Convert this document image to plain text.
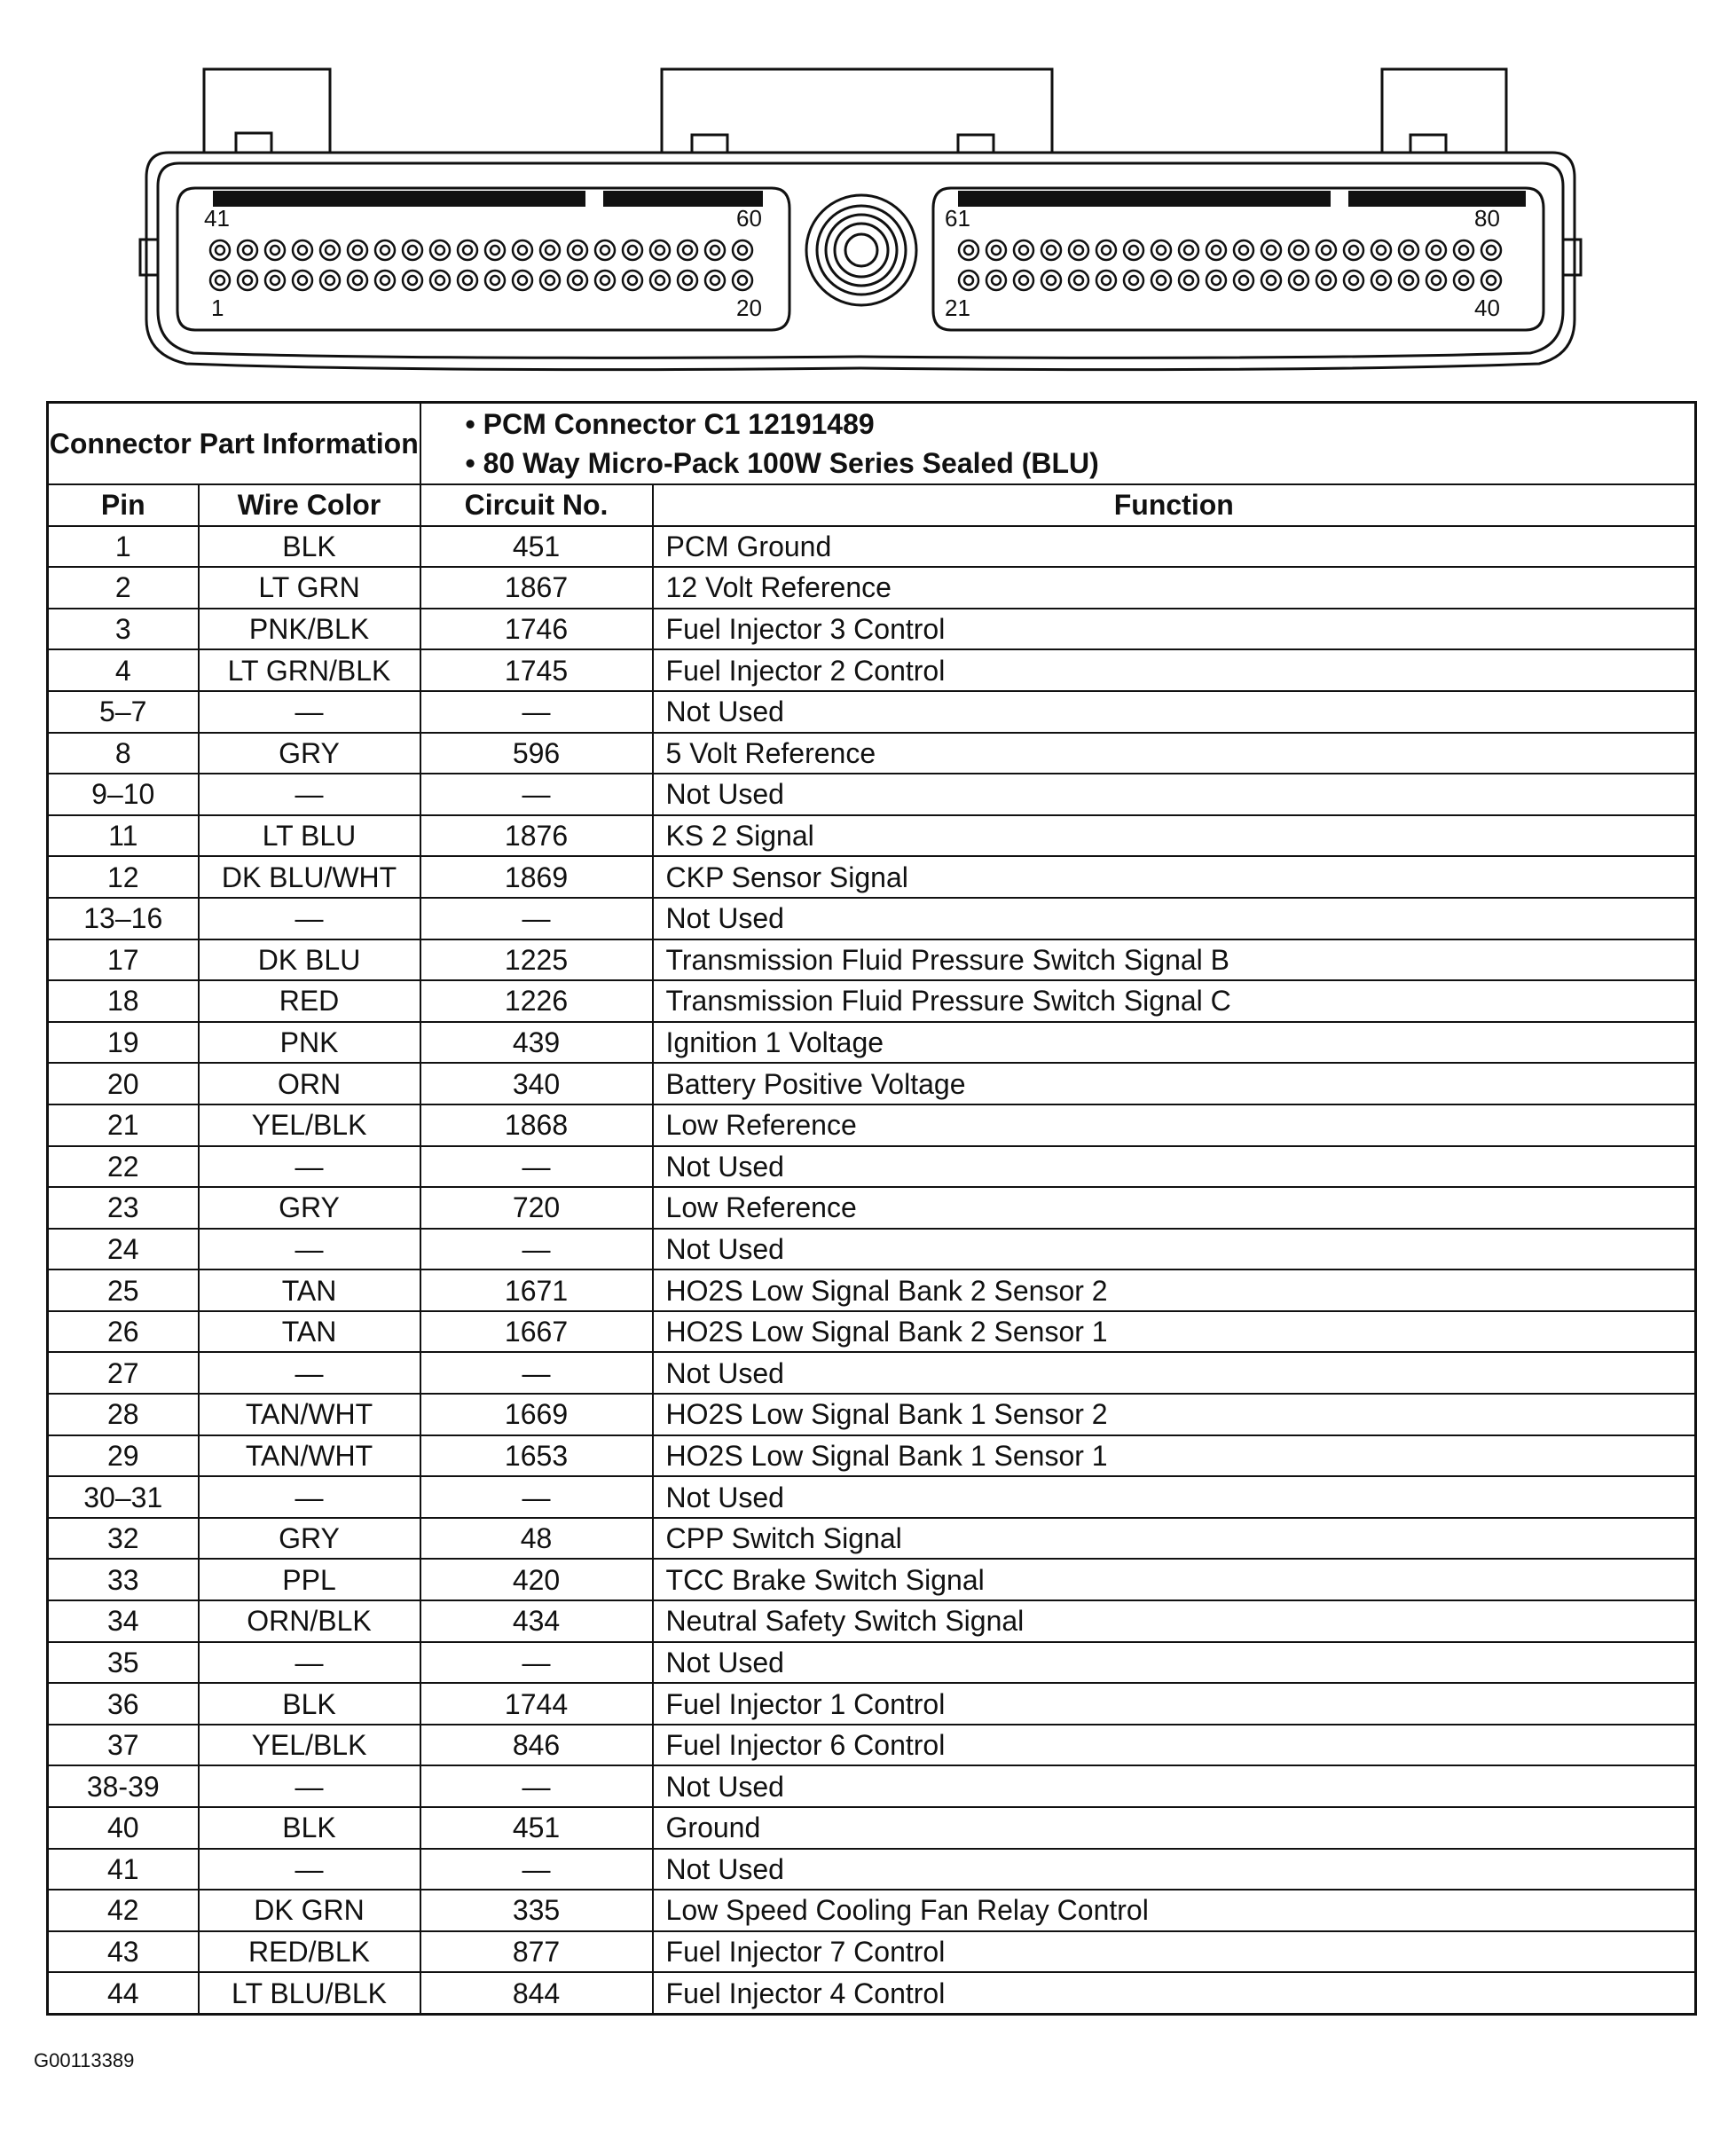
41	60
1	20
61	80
21	40
Connector Part Information		• PCM Connector C1 12191489
• 80 Way Micro-Pack 100W Series Sealed (BLU)	

Pin	Wire Color	Circuit No.	Function
1	BLK	451	PCM Ground
2	LT GRN	1867	12 Volt Reference
3	PNK/BLK	1746	Fuel Injector 3 Control
4	LT GRN/BLK	1745	Fuel Injector 2 Control
5–7	—	—	Not Used
8	GRY	596	5 Volt Reference
9–10	—	—	Not Used
11	LT BLU	1876	KS 2 Signal
12	DK BLU/WHT	1869	CKP Sensor Signal
13–16	—	—	Not Used
17	DK BLU	1225	Transmission Fluid Pressure Switch Signal B
18	RED	1226	Transmission Fluid Pressure Switch Signal C
19	PNK	439	Ignition 1 Voltage
20	ORN	340	Battery Positive Voltage
21	YEL/BLK	1868	Low Reference
22	—	—	Not Used
23	GRY	720	Low Reference
24	—	—	Not Used
25	TAN	1671	HO2S Low Signal Bank 2 Sensor 2
26	TAN	1667	HO2S Low Signal Bank 2 Sensor 1
27	—	—	Not Used
28	TAN/WHT	1669	HO2S Low Signal Bank 1 Sensor 2
29	TAN/WHT	1653	HO2S Low Signal Bank 1 Sensor 1
30–31	—	—	Not Used
32	GRY	48	CPP Switch Signal
33	PPL	420	TCC Brake Switch Signal
34	ORN/BLK	434	Neutral Safety Switch Signal
35	—	—	Not Used
36	BLK	1744	Fuel Injector 1 Control
37	YEL/BLK	846	Fuel Injector 6 Control
38-39	—	—	Not Used
40	BLK	451	Ground
41	—	—	Not Used
42	DK GRN	335	Low Speed Cooling Fan Relay Control
43	RED/BLK	877	Fuel Injector 7 Control
44	LT BLU/BLK	844	Fuel Injector 4 Control
G00113389
